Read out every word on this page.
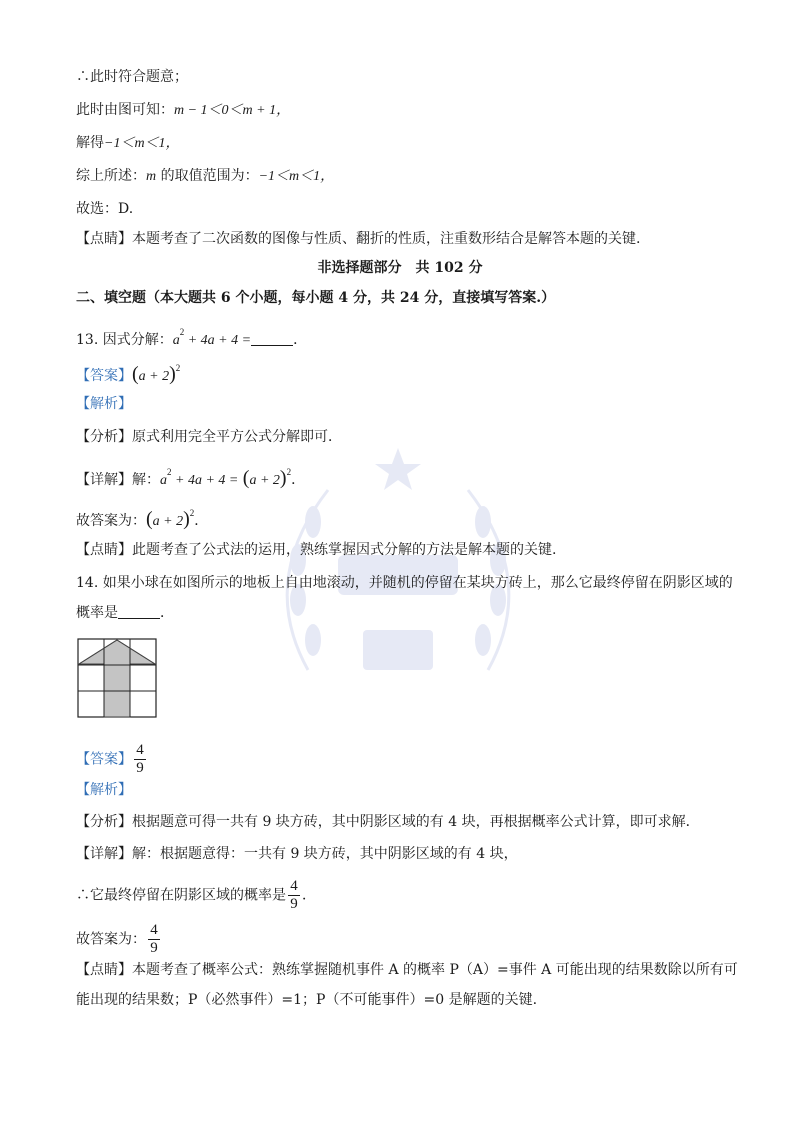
∴此时符合题意；
此时由图可知：m − 1＜0＜m + 1，
解得−1＜m＜1，
综上所述：m 的取值范围为：−1＜m＜1，
故选：D.
【点睛】本题考查了二次函数的图像与性质、翻折的性质，注重数形结合是解答本题的关键.
非选择题部分　共 102 分
二、填空题（本大题共 6 个小题，每小题 4 分，共 24 分，直接填写答案.）
13. 因式分解：$a^2 + 4a + 4$ =	．
【答案】$(a + 2)^2$
【解析】
【分析】原式利用完全平方公式分解即可．
【详解】解：$a^2 + 4a + 4 = (a + 2)^2$．
故答案为：$(a + 2)^2$．
【点睛】此题考查了公式法的运用，熟练掌握因式分解的方法是解本题的关键.
14. 如果小球在如图所示的地板上自由地滚动，并随机的停留在某块方砖上，那么它最终停留在阴影区域的
概率是	．
【答案】 $\frac{4}{9}$
【解析】
【分析】根据题意可得一共有 9 块方砖，其中阴影区域的有 4 块，再根据概率公式计算，即可求解．
【详解】解：根据题意得：一共有 9 块方砖，其中阴影区域的有 4 块，
∴它最终停留在阴影区域的概率是 $\frac{4}{9}$ ．
故答案为： $\frac{4}{9}$
【点睛】本题考查了概率公式：熟练掌握随机事件 A 的概率 P（A）=事件 A 可能出现的结果数除以所有可
能出现的结果数；P（必然事件）=1；P（不可能事件）=0 是解题的关键.
